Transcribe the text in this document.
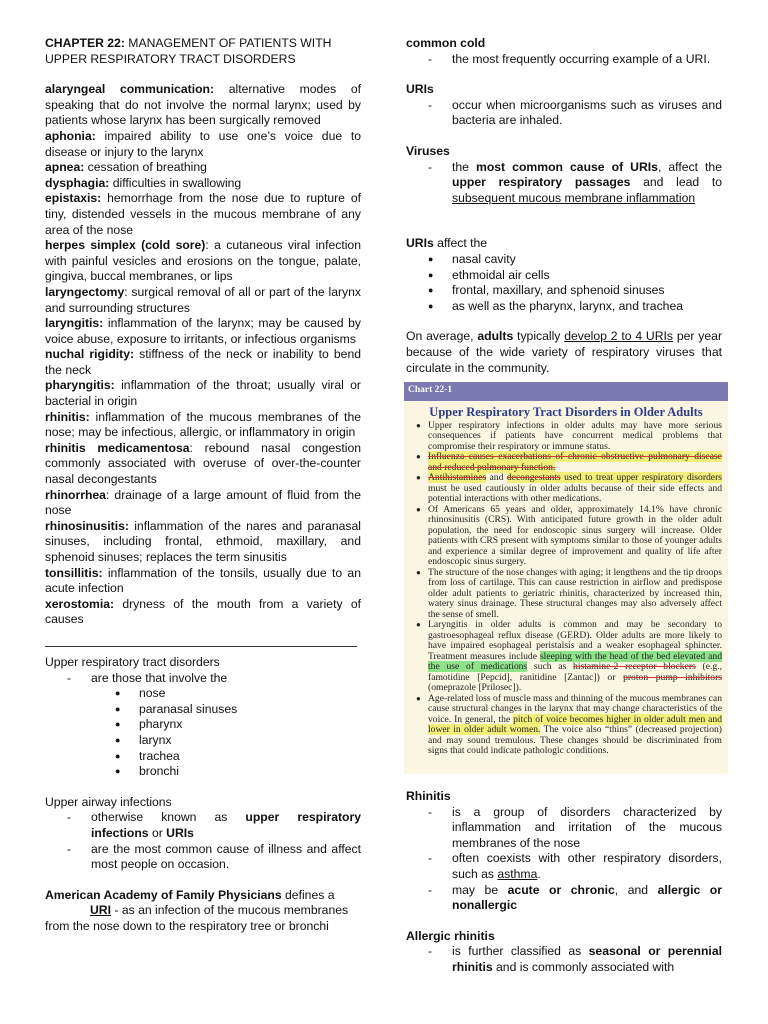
CHAPTER 22: MANAGEMENT OF PATIENTS WITH UPPER RESPIRATORY TRACT DISORDERS

alaryngeal communication: alternative modes of speaking that do not involve the normal larynx; used by patients whose larynx has been surgically removed

aphonia: impaired ability to use one’s voice due to disease or injury to the larynx

apnea: cessation of breathing

dysphagia: difficulties in swallowing

epistaxis: hemorrhage from the nose due to rupture of tiny, distended vessels in the mucous membrane of any area of the nose

herpes simplex (cold sore): a cutaneous viral infection with painful vesicles and erosions on the tongue, palate, gingiva, buccal membranes, or lips

laryngectomy: surgical removal of all or part of the larynx and surrounding structures

laryngitis: inflammation of the larynx; may be caused by voice abuse, exposure to irritants, or infectious organisms

nuchal rigidity: stiffness of the neck or inability to bend the neck

pharyngitis: inflammation of the throat; usually viral or bacterial in origin

rhinitis: inflammation of the mucous membranes of the nose; may be infectious, allergic, or inflammatory in origin

rhinitis medicamentosa: rebound nasal congestion commonly associated with overuse of over-the-counter nasal decongestants

rhinorrhea: drainage of a large amount of fluid from the nose

rhinosinusitis: inflammation of the nares and paranasal sinuses, including frontal, ethmoid, maxillary, and sphenoid sinuses; replaces the term sinusitis

tonsillitis: inflammation of the tonsils, usually due to an acute infection

xerostomia: dryness of the mouth from a variety of causes

Upper respiratory tract disorders

-	are those that involve the
●	nose
●	paranasal sinuses
●	pharynx
●	larynx
●	trachea
●	bronchi

Upper airway infections

-	otherwise known as upper respiratory infections or URIs
-	are the most common cause of illness and affect most people on occasion.

American Academy of Family Physicians defines a

URI - as an infection of the mucous membranes

from the nose down to the respiratory tree or bronchi

common cold

-	the most frequently occurring example of a URI.

URIs

-	occur when microorganisms such as viruses and bacteria are inhaled.

Viruses

-	the most common cause of URIs, affect the upper respiratory passages and lead to subsequent mucous membrane inflammation

URIs affect the

●	nasal cavity
●	ethmoidal air cells
●	frontal, maxillary, and sphenoid sinuses
●	as well as the pharynx, larynx, and trachea

On average, adults typically develop 2 to 4 URIs per year because of the wide variety of respiratory viruses that circulate in the community.

Chart 22-1
Upper Respiratory Tract Disorders in Older Adults
● Upper respiratory infections in older adults may have more serious consequences if patients have concurrent medical problems that compromise their respiratory or immune status.
● Influenza causes exacerbations of chronic obstructive pulmonary disease and reduced pulmonary function.
● Antihistamines and decongestants used to treat upper respiratory disorders must be used cautiously in older adults because of their side effects and potential interactions with other medications.
● Of Americans 65 years and older, approximately 14.1% have chronic rhinosinusitis (CRS). With anticipated future growth in the older adult population, the need for endoscopic sinus surgery will increase. Older patients with CRS present with symptoms similar to those of younger adults and experience a similar degree of improvement and quality of life after endoscopic sinus surgery.
● The structure of the nose changes with aging; it lengthens and the tip droops from loss of cartilage. This can cause restriction in airflow and predispose older adult patients to geriatric rhinitis, characterized by increased thin, watery sinus drainage. These structural changes may also adversely affect the sense of smell.
● Laryngitis in older adults is common and may be secondary to gastroesophageal reflux disease (GERD). Older adults are more likely to have impaired esophageal peristalsis and a weaker esophageal sphincter. Treatment measures include sleeping with the head of the bed elevated and the use of medications such as histamine-2 receptor blockers (e.g., famotidine [Pepcid], ranitidine [Zantac]) or proton pump inhibitors (omeprazole [Prilosec]).
● Age-related loss of muscle mass and thinning of the mucous membranes can cause structural changes in the larynx that may change characteristics of the voice. In general, the pitch of voice becomes higher in older adult men and lower in older adult women. The voice also “thins” (decreased projection) and may sound tremulous. These changes should be discriminated from signs that could indicate pathologic conditions.

Rhinitis

-	is a group of disorders characterized by inflammation and irritation of the mucous membranes of the nose
-	often coexists with other respiratory disorders, such as asthma.
-	may be acute or chronic, and allergic or nonallergic

Allergic rhinitis

-	is further classified as seasonal or perennial rhinitis and is commonly associated with
